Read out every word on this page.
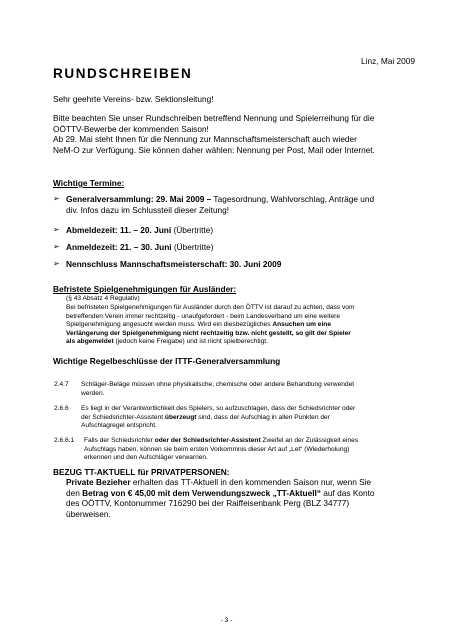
Linz, Mai 2009
RUNDSCHREIBEN
Sehr geehrte Vereins- bzw. Sektionsleitung!
Bitte beachten Sie unser Rundschreiben betreffend Nennung und Spielerreihung für die
OÖTTV-Bewerbe der kommenden Saison!
Ab 29. Mai steht Ihnen für die Nennung zur Mannschaftsmeisterschaft auch wieder
NeM-O zur Verfügung. Sie können daher wählen: Nennung per Post, Mail oder Internet.
Wichtige Termine:
➢ Generalversammlung: 29. Mai 2009 – Tagesordnung, Wahlvorschlag, Anträge und
div. Infos dazu im Schlussteil dieser Zeitung!
➢ Abmeldezeit: 11. – 20. Juni (Übertritte)
➢ Anmeldezeit: 21. – 30. Juni (Übertritte)
➢ Nennschluss Mannschaftsmeisterschaft: 30. Juni 2009
Befristete Spielgenehmigungen für Ausländer:
(§ 43 Absatz 4 Regulativ)
Bei befristeten Spielgenehmigungen für Ausländer durch den ÖTTV ist darauf zu achten, dass vom
betreffenden Verein immer rechtzeitig - unaufgefordert - beim Landesverband um eine weitere
Spielgenehmigung angesucht werden muss. Wird ein diesbezügliches Ansuchen um eine
Verlängerung der Spielgenehmigung nicht rechtzeitig bzw. nicht gestellt, so gilt der Spieler
als abgemeldet (jedoch keine Freigabe) und ist nicht spielberechtigt.
Wichtige Regelbeschlüsse der ITTF-Generalversammlung
2.4.7 Schläger-Beläge müssen ohne physikalische, chemische oder andere Behandlung verwendet
werden.
2.6.6 Es liegt in der Verantwortlichkeit des Spielers, so aufzuschlagen, dass der Schiedsrichter oder
der Schiedsrichter-Assistent überzeugt sind, dass der Aufschlag in allen Punkten der
Aufschlagregel entspricht.
2.6.6.1 Falls der Schiedsrichter oder der Schiedsrichter-Assistent Zweifel an der Zulässigkeit eines
Aufschlags haben, können sie beim ersten Vorkommnis dieser Art auf „Let“ (Wiederholung)
erkennen und den Aufschläger verwarnen.
BEZUG TT-AKTUELL für PRIVATPERSONEN:
Private Bezieher erhalten das TT-Aktuell in den kommenden Saison nur, wenn Sie
den Betrag von € 45,00 mit dem Verwendungszweck „TT-Aktuell“ auf das Konto
des OÖTTV, Kontonummer 716290 bei der Raiffeisenbank Perg (BLZ 34777)
überweisen.
- 3 -
